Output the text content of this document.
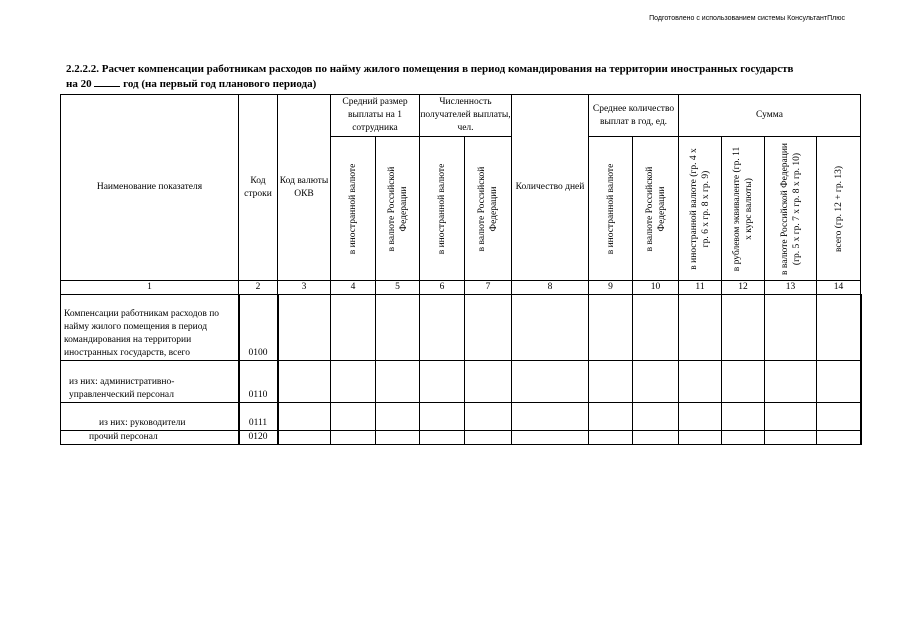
Подготовлено с использованием системы КонсультантПлюс
2.2.2.2. Расчет компенсации работникам расходов по найму жилого помещения в период командирования на территории иностранных государств
на 20	год (на первый год планового периода)
Наименование показателя	Код строки	Код валюты ОКВ	Средний размер выплаты на 1 сотрудника		Численность получателей выплаты, чел.		Количество дней	Среднее количество выплат в год, ед.		Сумма			

			в иностранной валюте	в валюте Российской Федерации	в иностранной валюте	в валюте Российской Федерации		в иностранной валюте	в валюте Российской Федерации	в иностранной валюте (гр. 4 x гр. 6 x гр. 8 x гр. 9)	в рублевом эквиваленте (гр. 11 x курс валюты)	в валюте Российской Федерации (гр. 5 x гр. 7 x гр. 8 x гр. 10)	всего (гр. 12 + гр. 13)

1	2	3	4	5	6	7	8	9	10	11	12	13	14
Компенсации работникам расходов по найму жилого помещения в период командирования на территории иностранных государств, всего	0100												
из них: административно-управленческий персонал	0110												
из них: руководители	0111												
прочий персонал	0120												
